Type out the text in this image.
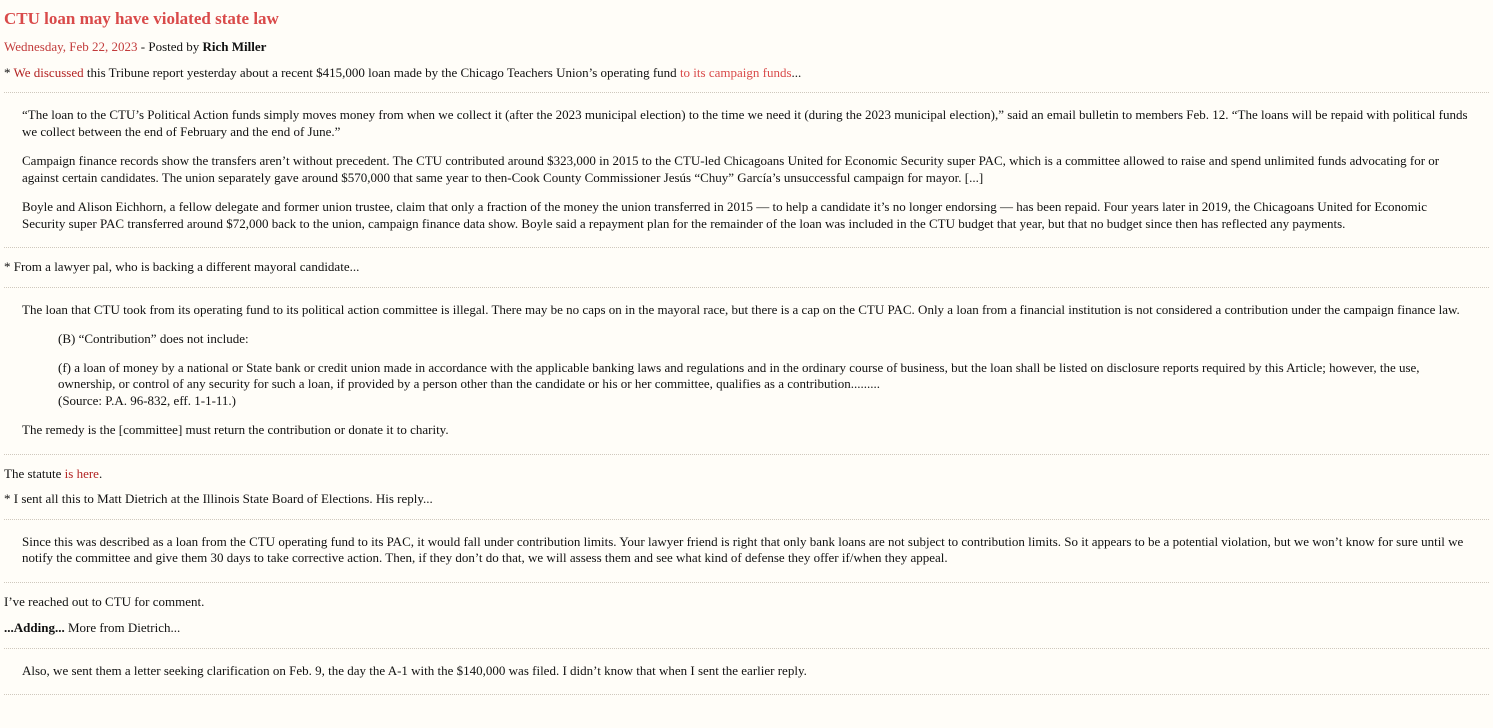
CTU loan may have violated state law
Wednesday, Feb 22, 2023 - Posted by Rich Miller

* We discussed this Tribune report yesterday about a recent $415,000 loan made by the Chicago Teachers Union’s operating fund to its campaign funds...

“The loan to the CTU’s Political Action funds simply moves money from when we collect it (after the 2023 municipal election) to the time we need it (during the 2023 municipal election),” said an email bulletin to members Feb. 12. “The loans will be repaid with political funds we collect between the end of February and the end of June.”

Campaign finance records show the transfers aren’t without precedent. The CTU contributed around $323,000 in 2015 to the CTU-led Chicagoans United for Economic Security super PAC, which is a committee allowed to raise and spend unlimited funds advocating for or against certain candidates. The union separately gave around $570,000 that same year to then-Cook County Commissioner Jesús “Chuy” García’s unsuccessful campaign for mayor. [...]

Boyle and Alison Eichhorn, a fellow delegate and former union trustee, claim that only a fraction of the money the union transferred in 2015 — to help a candidate it’s no longer endorsing — has been repaid. Four years later in 2019, the Chicagoans United for Economic Security super PAC transferred around $72,000 back to the union, campaign finance data show. Boyle said a repayment plan for the remainder of the loan was included in the CTU budget that year, but that no budget since then has reflected any payments.

* From a lawyer pal, who is backing a different mayoral candidate...

The loan that CTU took from its operating fund to its political action committee is illegal. There may be no caps on in the mayoral race, but there is a cap on the CTU PAC. Only a loan from a financial institution is not considered a contribution under the campaign finance law.

(B) “Contribution” does not include:

(f) a loan of money by a national or State bank or credit union made in accordance with the applicable banking laws and regulations and in the ordinary course of business, but the loan shall be listed on disclosure reports required by this Article; however, the use, ownership, or control of any security for such a loan, if provided by a person other than the candidate or his or her committee, qualifies as a contribution.........
(Source: P.A. 96-832, eff. 1-1-11.)

The remedy is the [committee] must return the contribution or donate it to charity.

The statute is here.

* I sent all this to Matt Dietrich at the Illinois State Board of Elections. His reply...

Since this was described as a loan from the CTU operating fund to its PAC, it would fall under contribution limits. Your lawyer friend is right that only bank loans are not subject to contribution limits. So it appears to be a potential violation, but we won’t know for sure until we notify the committee and give them 30 days to take corrective action. Then, if they don’t do that, we will assess them and see what kind of defense they offer if/when they appeal.

I’ve reached out to CTU for comment.

...Adding... More from Dietrich...

Also, we sent them a letter seeking clarification on Feb. 9, the day the A-1 with the $140,000 was filed. I didn’t know that when I sent the earlier reply.
